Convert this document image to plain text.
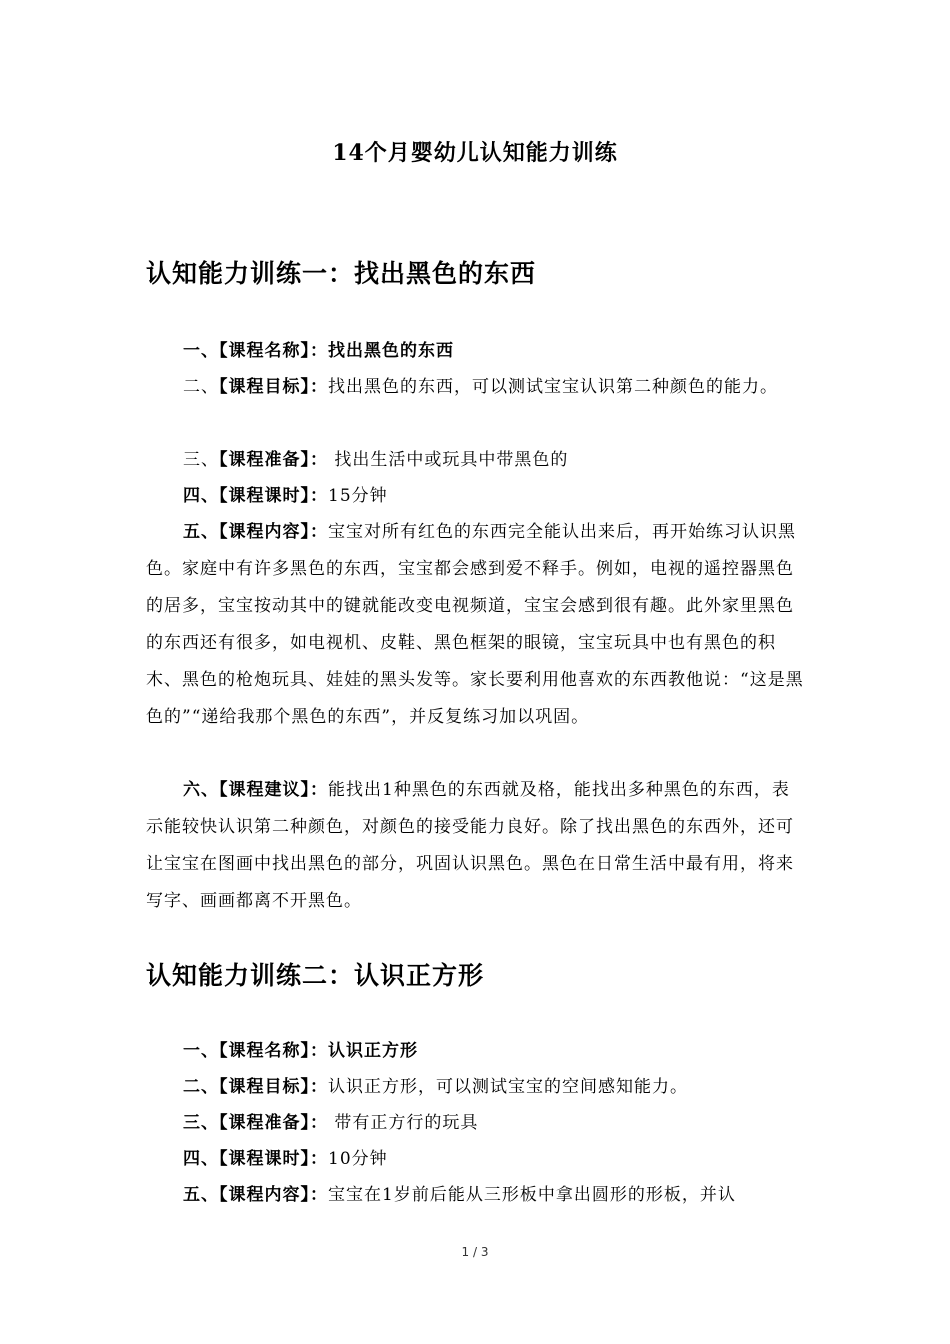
14个月婴幼儿认知能力训练
认知能力训练一：找出黑色的东西
一、【课程名称】：找出黑色的东西
二、【课程目标】：找出黑色的东西，可以测试宝宝认识第二种颜色的能力。
三、【课程准备】： 找出生活中或玩具中带黑色的
四、【课程课时】：15分钟
五、【课程内容】：宝宝对所有红色的东西完全能认出来后，再开始练习认识黑色。家庭中有许多黑色的东西，宝宝都会感到爱不释手。例如，电视的遥控器黑色的居多，宝宝按动其中的键就能改变电视频道，宝宝会感到很有趣。此外家里黑色的东西还有很多，如电视机、皮鞋、黑色框架的眼镜，宝宝玩具中也有黑色的积木、黑色的枪炮玩具、娃娃的黑头发等。家长要利用他喜欢的东西教他说：“这是黑色的”“递给我那个黑色的东西”，并反复练习加以巩固。
六、【课程建议】：能找出1种黑色的东西就及格，能找出多种黑色的东西，表示能较快认识第二种颜色，对颜色的接受能力良好。除了找出黑色的东西外，还可让宝宝在图画中找出黑色的部分，巩固认识黑色。黑色在日常生活中最有用，将来写字、画画都离不开黑色。
认知能力训练二：认识正方形
一、【课程名称】：认识正方形
二、【课程目标】：认识正方形，可以测试宝宝的空间感知能力。
三、【课程准备】： 带有正方行的玩具
四、【课程课时】：10分钟
五、【课程内容】：宝宝在1岁前后能从三形板中拿出圆形的形板，并认
1 / 3
